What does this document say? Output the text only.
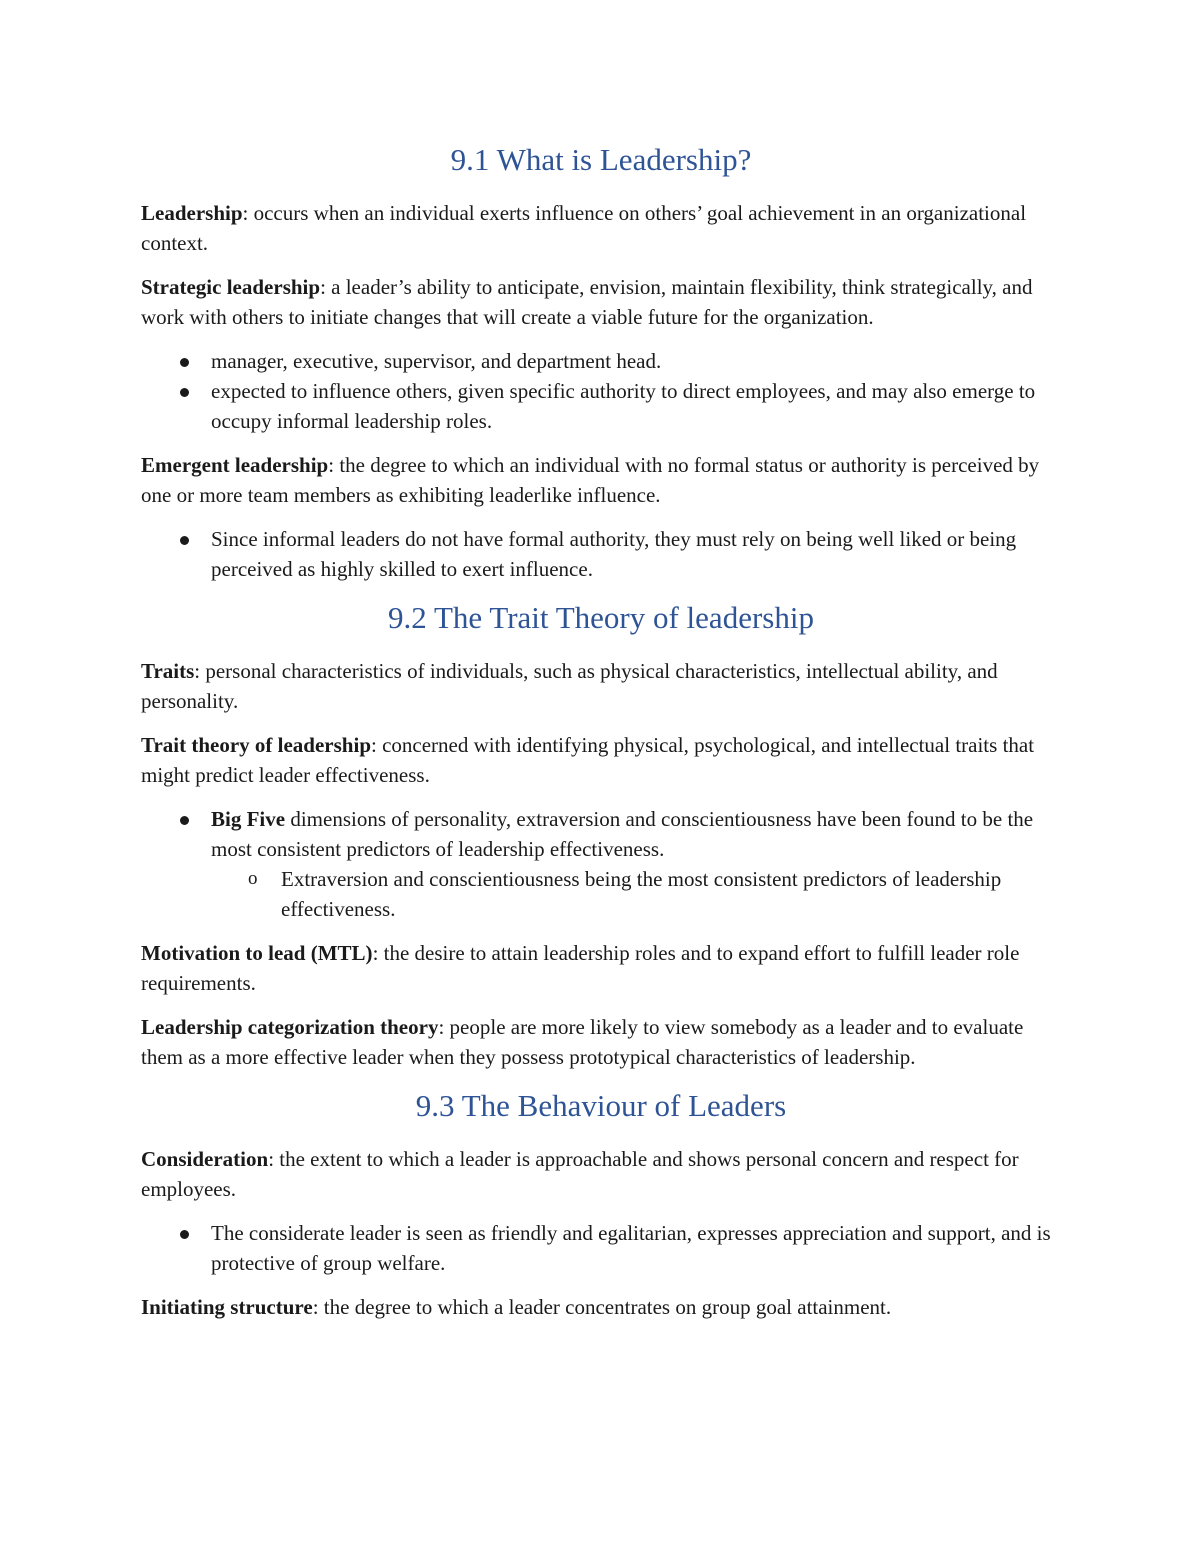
9.1 What is Leadership?

Leadership: occurs when an individual exerts influence on others’ goal achievement in an organizational context.

Strategic leadership: a leader’s ability to anticipate, envision, maintain flexibility, think strategically, and work with others to initiate changes that will create a viable future for the organization.

manager, executive, supervisor, and department head.
expected to influence others, given specific authority to direct employees, and may also emerge to occupy informal leadership roles.

Emergent leadership: the degree to which an individual with no formal status or authority is perceived by one or more team members as exhibiting leaderlike influence.

Since informal leaders do not have formal authority, they must rely on being well liked or being perceived as highly skilled to exert influence.
9.2 The Trait Theory of leadership

Traits: personal characteristics of individuals, such as physical characteristics, intellectual ability, and personality.

Trait theory of leadership: concerned with identifying physical, psychological, and intellectual traits that might predict leader effectiveness.

Big Five dimensions of personality, extraversion and conscientiousness have been found to be the most consistent predictors of leadership effectiveness.
o Extraversion and conscientiousness being the most consistent predictors of leadership effectiveness.

Motivation to lead (MTL): the desire to attain leadership roles and to expand effort to fulfill leader role requirements.

Leadership categorization theory: people are more likely to view somebody as a leader and to evaluate them as a more effective leader when they possess prototypical characteristics of leadership.

9.3 The Behaviour of Leaders

Consideration: the extent to which a leader is approachable and shows personal concern and respect for employees.

The considerate leader is seen as friendly and egalitarian, expresses appreciation and support, and is protective of group welfare.

Initiating structure: the degree to which a leader concentrates on group goal attainment.
